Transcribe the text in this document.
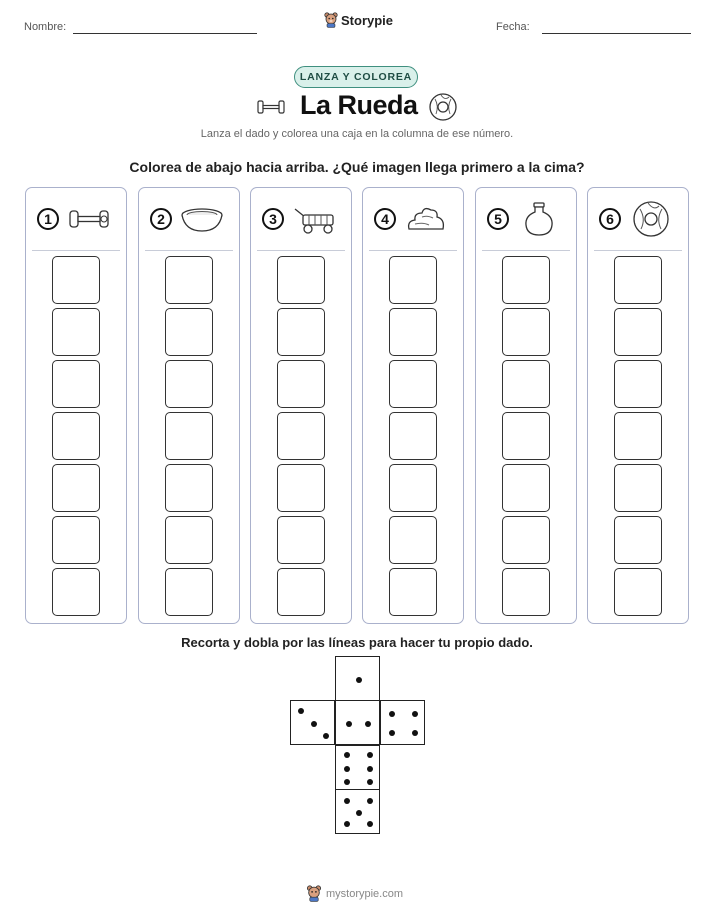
Nombre:	Storypie	Fecha:
LANZA Y COLOREA
La Rueda
Lanza el dado y colorea una caja en la columna de ese número.
Colorea de abajo hacia arriba. ¿Qué imagen llega primero a la cima?
1	2	3	4	5	6
Recorta y dobla por las líneas para hacer tu propio dado.
mystorypie.com
